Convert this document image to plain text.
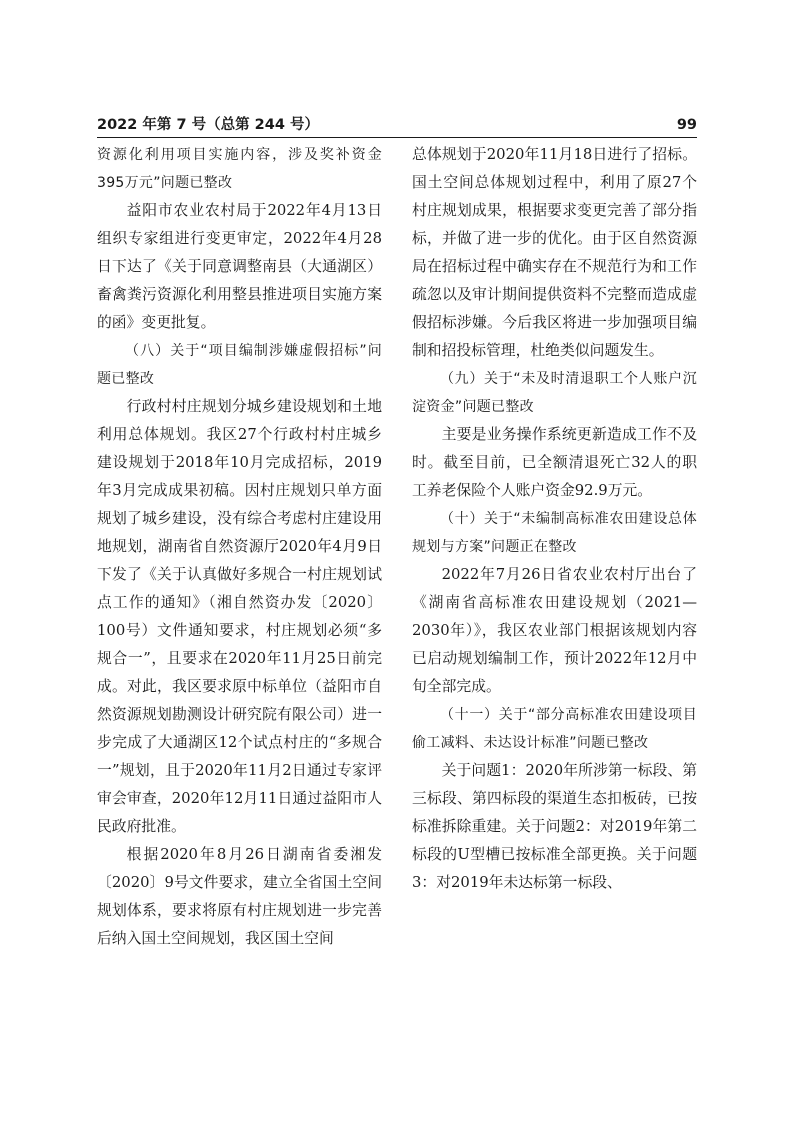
2022 年第 7 号（总第 244 号）	99

资源化利用项目实施内容，涉及奖补资金395万元”问题已整改

益阳市农业农村局于2022年4月13日组织专家组进行变更审定，2022年4月28日下达了《关于同意调整南县（大通湖区）畜禽粪污资源化利用整县推进项目实施方案的函》变更批复。

（八）关于“项目编制涉嫌虚假招标”问题已整改

行政村村庄规划分城乡建设规划和土地利用总体规划。我区27个行政村村庄城乡建设规划于2018年10月完成招标，2019年3月完成成果初稿。因村庄规划只单方面规划了城乡建设，没有综合考虑村庄建设用地规划，湖南省自然资源厅2020年4月9日下发了《关于认真做好多规合一村庄规划试点工作的通知》（湘自然资办发〔2020〕100号）文件通知要求，村庄规划必须“多规合一”，且要求在2020年11月25日前完成。对此，我区要求原中标单位（益阳市自然资源规划勘测设计研究院有限公司）进一步完成了大通湖区12个试点村庄的“多规合一”规划，且于2020年11月2日通过专家评审会审查，2020年12月11日通过益阳市人民政府批准。

根据2020年8月26日湖南省委湘发〔2020〕9号文件要求，建立全省国土空间规划体系，要求将原有村庄规划进一步完善后纳入国土空间规划，我区国土空间

总体规划于2020年11月18日进行了招标。国土空间总体规划过程中，利用了原27个村庄规划成果，根据要求变更完善了部分指标，并做了进一步的优化。由于区自然资源局在招标过程中确实存在不规范行为和工作疏忽以及审计期间提供资料不完整而造成虚假招标涉嫌。今后我区将进一步加强项目编制和招投标管理，杜绝类似问题发生。

（九）关于“未及时清退职工个人账户沉淀资金”问题已整改

主要是业务操作系统更新造成工作不及时。截至目前，已全额清退死亡32人的职工养老保险个人账户资金92.9万元。

（十）关于“未编制高标准农田建设总体规划与方案”问题正在整改

2022年7月26日省农业农村厅出台了《湖南省高标准农田建设规划（2021—2030年）》，我区农业部门根据该规划内容已启动规划编制工作，预计2022年12月中旬全部完成。

（十一）关于“部分高标准农田建设项目偷工减料、未达设计标准”问题已整改

关于问题1：2020年所涉第一标段、第三标段、第四标段的渠道生态扣板砖，已按标准拆除重建。关于问题2：对2019年第二标段的U型槽已按标准全部更换。关于问题3：对2019年未达标第一标段、
